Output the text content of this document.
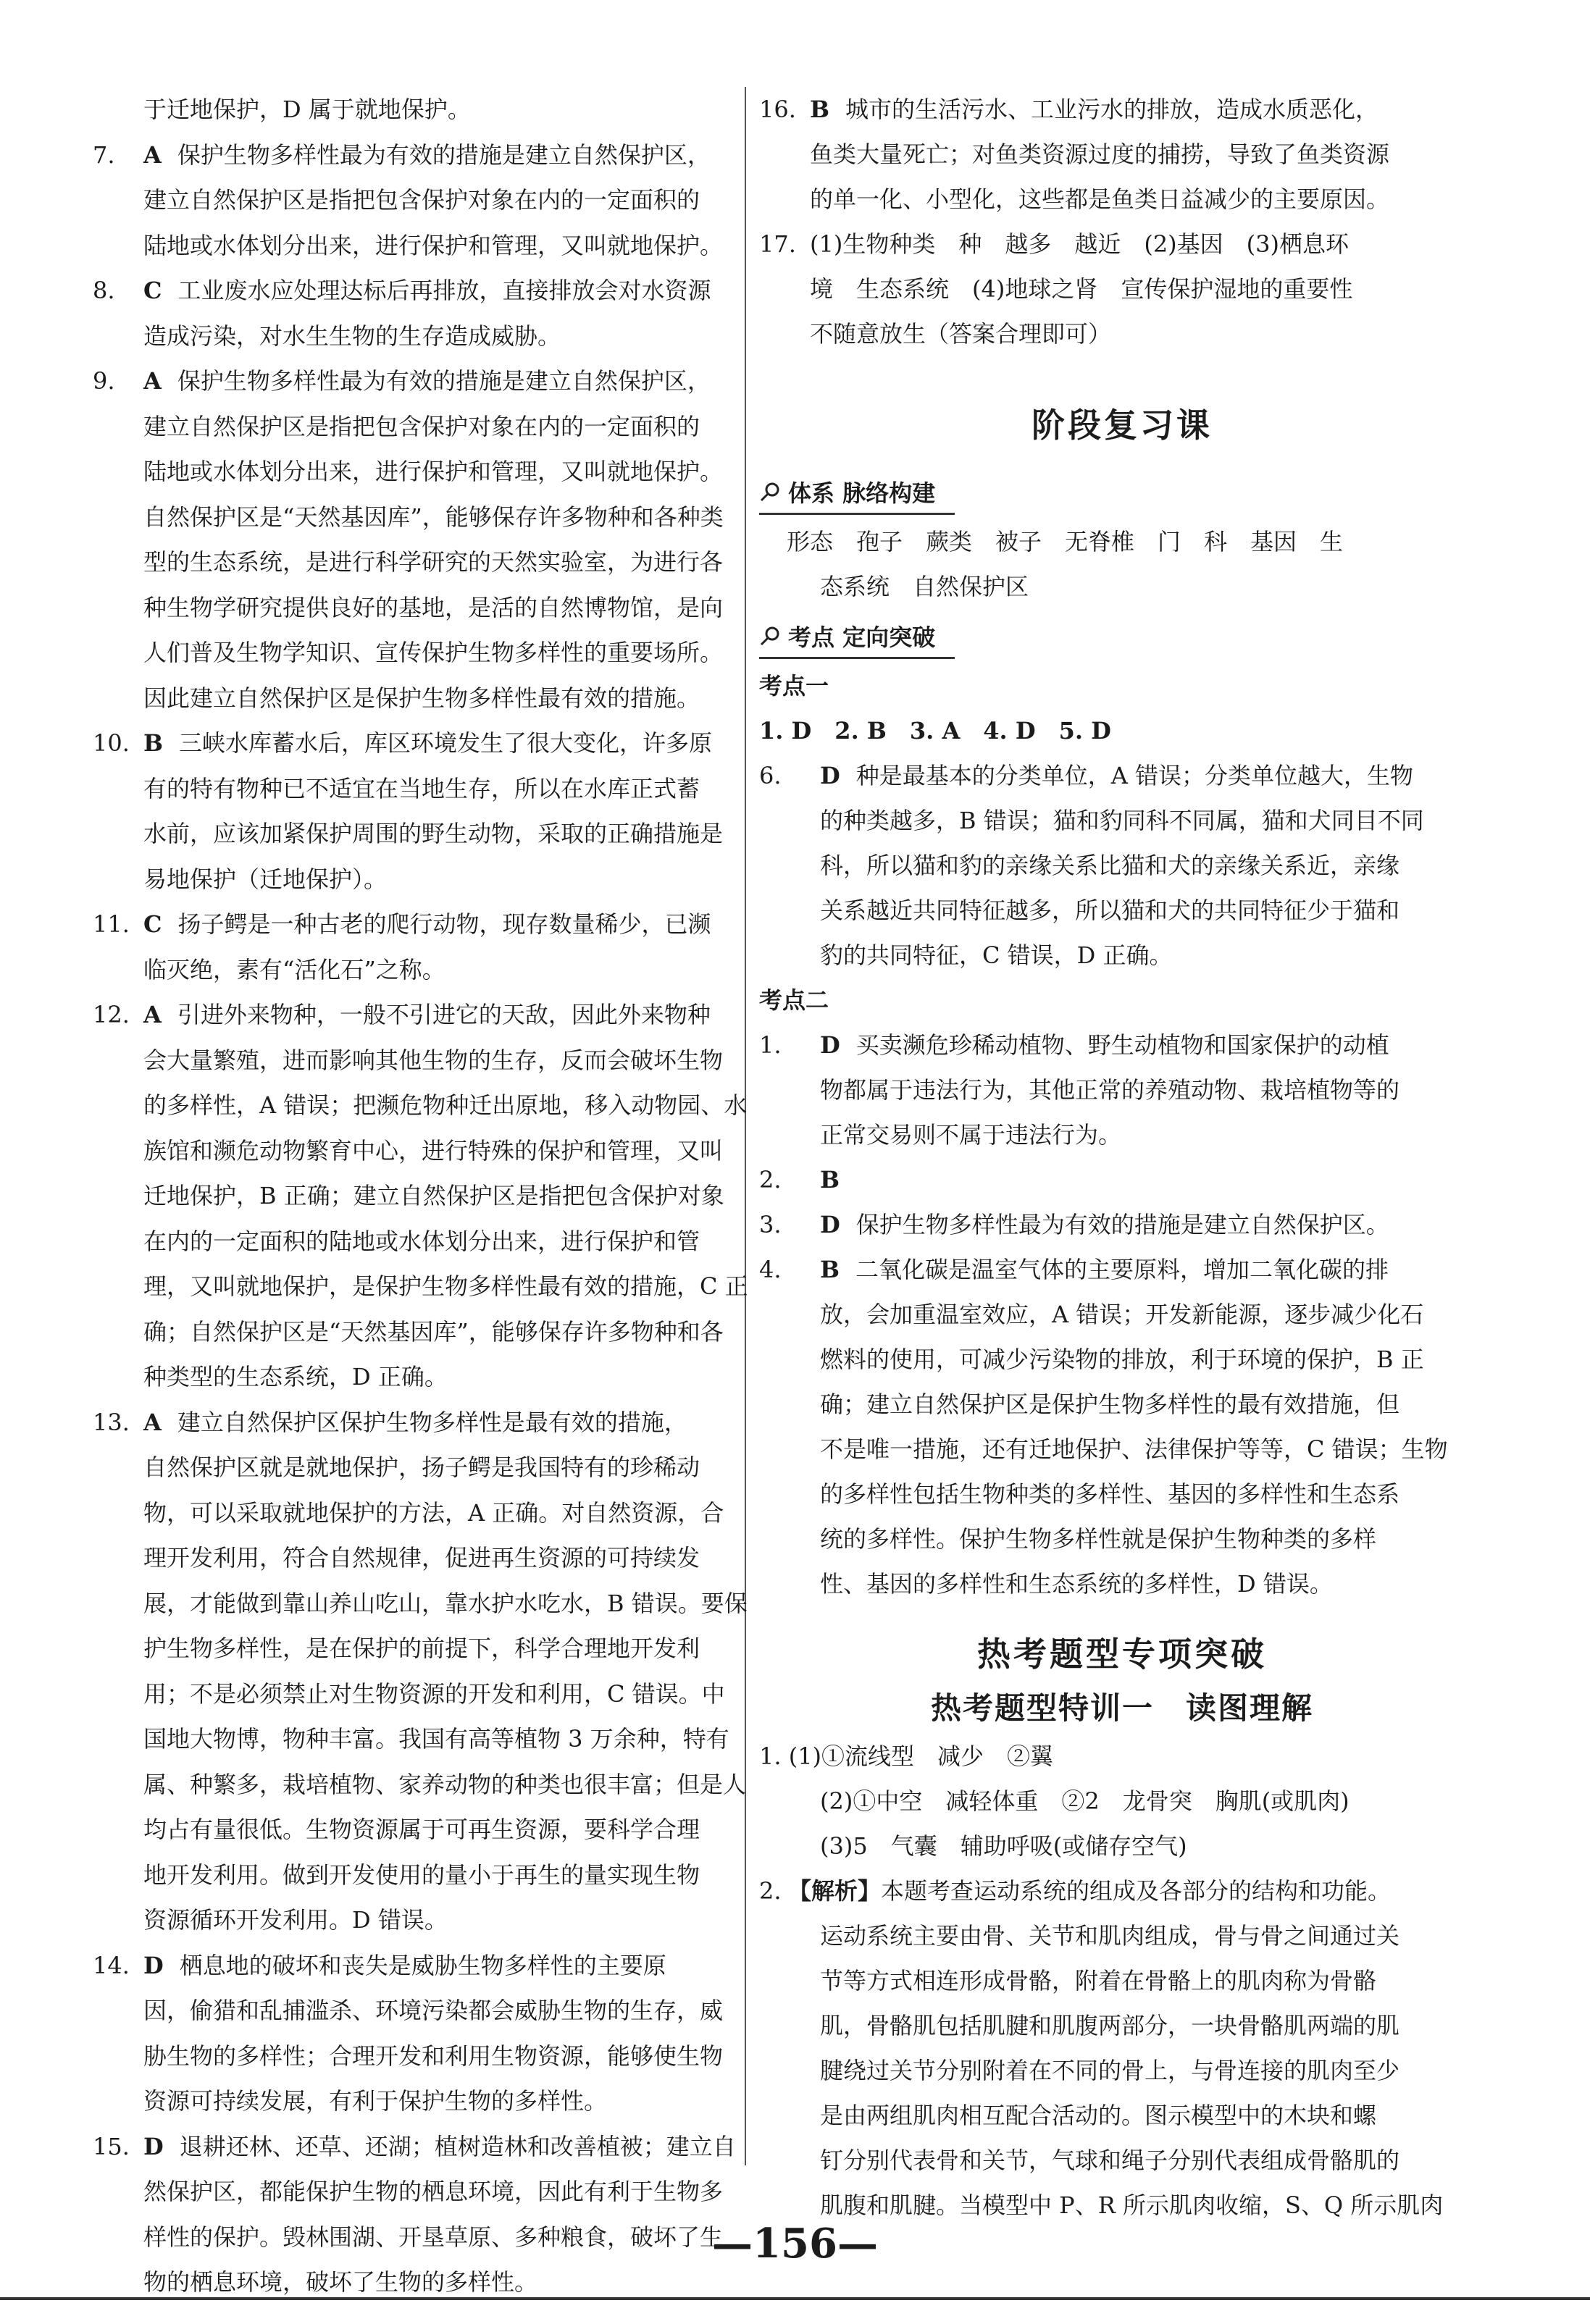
于迁地保护，D 属于就地保护。
7. A 保护生物多样性最为有效的措施是建立自然保护区，
建立自然保护区是指把包含保护对象在内的一定面积的
陆地或水体划分出来，进行保护和管理，又叫就地保护。
8. C 工业废水应处理达标后再排放，直接排放会对水资源
造成污染，对水生生物的生存造成威胁。
9. A 保护生物多样性最为有效的措施是建立自然保护区，
建立自然保护区是指把包含保护对象在内的一定面积的
陆地或水体划分出来，进行保护和管理，又叫就地保护。
自然保护区是“天然基因库”，能够保存许多物种和各种类
型的生态系统，是进行科学研究的天然实验室，为进行各
种生物学研究提供良好的基地，是活的自然博物馆，是向
人们普及生物学知识、宣传保护生物多样性的重要场所。
因此建立自然保护区是保护生物多样性最有效的措施。
10. B 三峡水库蓄水后，库区环境发生了很大变化，许多原
有的特有物种已不适宜在当地生存，所以在水库正式蓄
水前，应该加紧保护周围的野生动物，采取的正确措施是
易地保护（迁地保护）。
11. C 扬子鳄是一种古老的爬行动物，现存数量稀少，已濒
临灭绝，素有“活化石”之称。
12. A 引进外来物种，一般不引进它的天敌，因此外来物种
会大量繁殖，进而影响其他生物的生存，反而会破坏生物
的多样性，A 错误；把濒危物种迁出原地，移入动物园、水
族馆和濒危动物繁育中心，进行特殊的保护和管理，又叫
迁地保护，B 正确；建立自然保护区是指把包含保护对象
在内的一定面积的陆地或水体划分出来，进行保护和管
理，又叫就地保护，是保护生物多样性最有效的措施，C 正
确；自然保护区是“天然基因库”，能够保存许多物种和各
种类型的生态系统，D 正确。
13. A 建立自然保护区保护生物多样性是最有效的措施，
自然保护区就是就地保护，扬子鳄是我国特有的珍稀动
物，可以采取就地保护的方法，A 正确。对自然资源，合
理开发利用，符合自然规律，促进再生资源的可持续发
展，才能做到靠山养山吃山，靠水护水吃水，B 错误。要保
护生物多样性，是在保护的前提下，科学合理地开发利
用；不是必须禁止对生物资源的开发和利用，C 错误。中
国地大物博，物种丰富。我国有高等植物 3 万余种，特有
属、种繁多，栽培植物、家养动物的种类也很丰富；但是人
均占有量很低。生物资源属于可再生资源，要科学合理
地开发利用。做到开发使用的量小于再生的量实现生物
资源循环开发利用。D 错误。
14. D 栖息地的破坏和丧失是威胁生物多样性的主要原
因，偷猎和乱捕滥杀、环境污染都会威胁生物的生存，威
胁生物的多样性；合理开发和利用生物资源，能够使生物
资源可持续发展，有利于保护生物的多样性。
15. D 退耕还林、还草、还湖；植树造林和改善植被；建立自
然保护区，都能保护生物的栖息环境，因此有利于生物多
样性的保护。毁林围湖、开垦草原、多种粮食，破坏了生
物的栖息环境，破坏了生物的多样性。
16. B 城市的生活污水、工业污水的排放，造成水质恶化，
鱼类大量死亡；对鱼类资源过度的捕捞，导致了鱼类资源
的单一化、小型化，这些都是鱼类日益减少的主要原因。
17. (1)生物种类　种　越多　越近　(2)基因　(3)栖息环
境　生态系统　(4)地球之肾　宣传保护湿地的重要性
不随意放生（答案合理即可）
阶段复习课
体系 脉络构建
形态　孢子　蕨类　被子　无脊椎　门　科　基因　生
态系统　自然保护区
考点 定向突破
考点一
1. D　2. B　3. A　4. D　5. D
6. D 种是最基本的分类单位，A 错误；分类单位越大，生物
的种类越多，B 错误；猫和豹同科不同属，猫和犬同目不同
科，所以猫和豹的亲缘关系比猫和犬的亲缘关系近，亲缘
关系越近共同特征越多，所以猫和犬的共同特征少于猫和
豹的共同特征，C 错误，D 正确。
考点二
1. D 买卖濒危珍稀动植物、野生动植物和国家保护的动植
物都属于违法行为，其他正常的养殖动物、栽培植物等的
正常交易则不属于违法行为。
2. B
3. D 保护生物多样性最为有效的措施是建立自然保护区。
4. B 二氧化碳是温室气体的主要原料，增加二氧化碳的排
放，会加重温室效应，A 错误；开发新能源，逐步减少化石
燃料的使用，可减少污染物的排放，利于环境的保护，B 正
确；建立自然保护区是保护生物多样性的最有效措施，但
不是唯一措施，还有迁地保护、法律保护等等，C 错误；生物
的多样性包括生物种类的多样性、基因的多样性和生态系
统的多样性。保护生物多样性就是保护生物种类的多样
性、基因的多样性和生态系统的多样性，D 错误。
热考题型专项突破
热考题型特训一　读图理解
1. (1)①流线型　减少　②翼
(2)①中空　减轻体重　②2　龙骨突　胸肌(或肌肉)
(3)5　气囊　辅助呼吸(或储存空气)
2. 【解析】本题考查运动系统的组成及各部分的结构和功能。
运动系统主要由骨、关节和肌肉组成，骨与骨之间通过关
节等方式相连形成骨骼，附着在骨骼上的肌肉称为骨骼
肌，骨骼肌包括肌腱和肌腹两部分，一块骨骼肌两端的肌
腱绕过关节分别附着在不同的骨上，与骨连接的肌肉至少
是由两组肌肉相互配合活动的。图示模型中的木块和螺
钉分别代表骨和关节，气球和绳子分别代表组成骨骼肌的
肌腹和肌腱。当模型中 P、R 所示肌肉收缩，S、Q 所示肌肉
—156—
